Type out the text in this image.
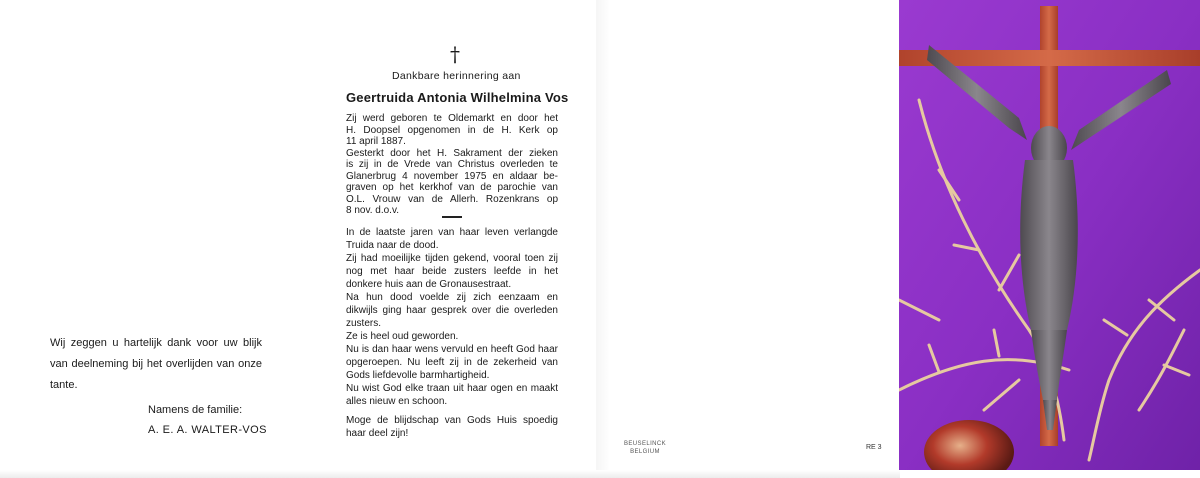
Wij zeggen u hartelijk dank voor uw blijk

van deelneming bij het overlijden van onze

tante.

Namens de familie:
A. E. A. WALTER-VOS
†
Dankbare herinnering aan
Geertruida Antonia Wilhelmina Vos
Zij werd geboren te Oldemarkt en door het
H. Doopsel opgenomen in de H. Kerk op
11 april 1887.
Gesterkt door het H. Sakrament der zieken
is zij in de Vrede van Christus overleden te
Glanerbrug 4 november 1975 en aldaar be-
graven op het kerkhof van de parochie van
O.L. Vrouw van de Allerh. Rozenkrans op
8 nov. d.o.v.

In de laatste jaren van haar leven verlangde Truida naar de dood.

Zij had moeilijke tijden gekend, vooral toen zij nog met haar beide zusters leefde in het donkere huis aan de Gronausestraat.

Na hun dood voelde zij zich eenzaam en dikwijls ging haar gesprek over die overleden zusters.

Ze is heel oud geworden.

Nu is dan haar wens vervuld en heeft God haar opgeroepen. Nu leeft zij in de zekerheid van Gods liefdevolle barmhartigheid.

Nu wist God elke traan uit haar ogen en maakt alles nieuw en schoon.

Moge de blijdschap van Gods Huis spoedig haar deel zijn!

BEUSELINCK
BELGIUM
RE 3
